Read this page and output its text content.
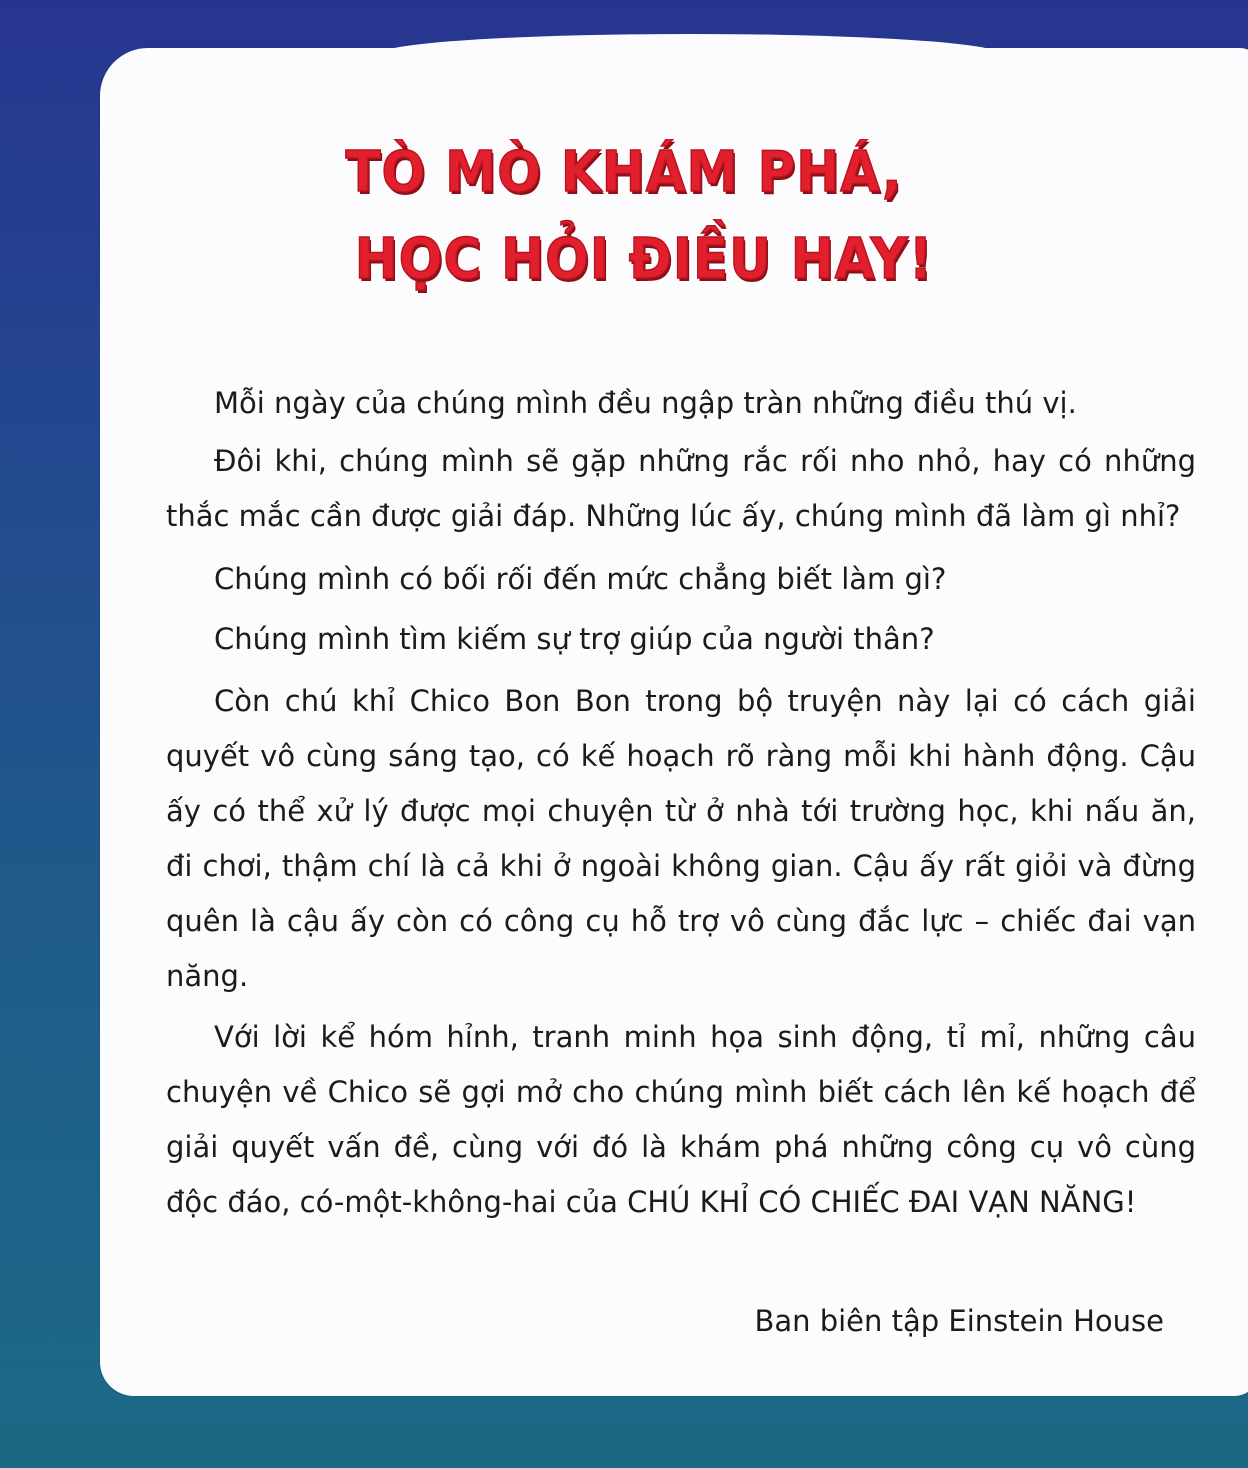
TÒ MÒ KHÁM PHÁ,
HỌC HỎI ĐIỀU HAY!

Mỗi ngày của chúng mình đều ngập tràn những điều thú vị.

Đôi khi, chúng mình sẽ gặp những rắc rối nho nhỏ, hay có những thắc mắc cần được giải đáp. Những lúc ấy, chúng mình đã làm gì nhỉ?

Chúng mình có bối rối đến mức chẳng biết làm gì?

Chúng mình tìm kiếm sự trợ giúp của người thân?

Còn chú khỉ Chico Bon Bon trong bộ truyện này lại có cách giải quyết vô cùng sáng tạo, có kế hoạch rõ ràng mỗi khi hành động. Cậu ấy có thể xử lý được mọi chuyện từ ở nhà tới trường học, khi nấu ăn, đi chơi, thậm chí là cả khi ở ngoài không gian. Cậu ấy rất giỏi và đừng quên là cậu ấy còn có công cụ hỗ trợ vô cùng đắc lực – chiếc đai vạn năng.

Với lời kể hóm hỉnh, tranh minh họa sinh động, tỉ mỉ, những câu chuyện về Chico sẽ gợi mở cho chúng mình biết cách lên kế hoạch để giải quyết vấn đề, cùng với đó là khám phá những công cụ vô cùng độc đáo, có-một-không-hai của CHÚ KHỈ CÓ CHIẾC ĐAI VẠN NĂNG!

Ban biên tập Einstein House
